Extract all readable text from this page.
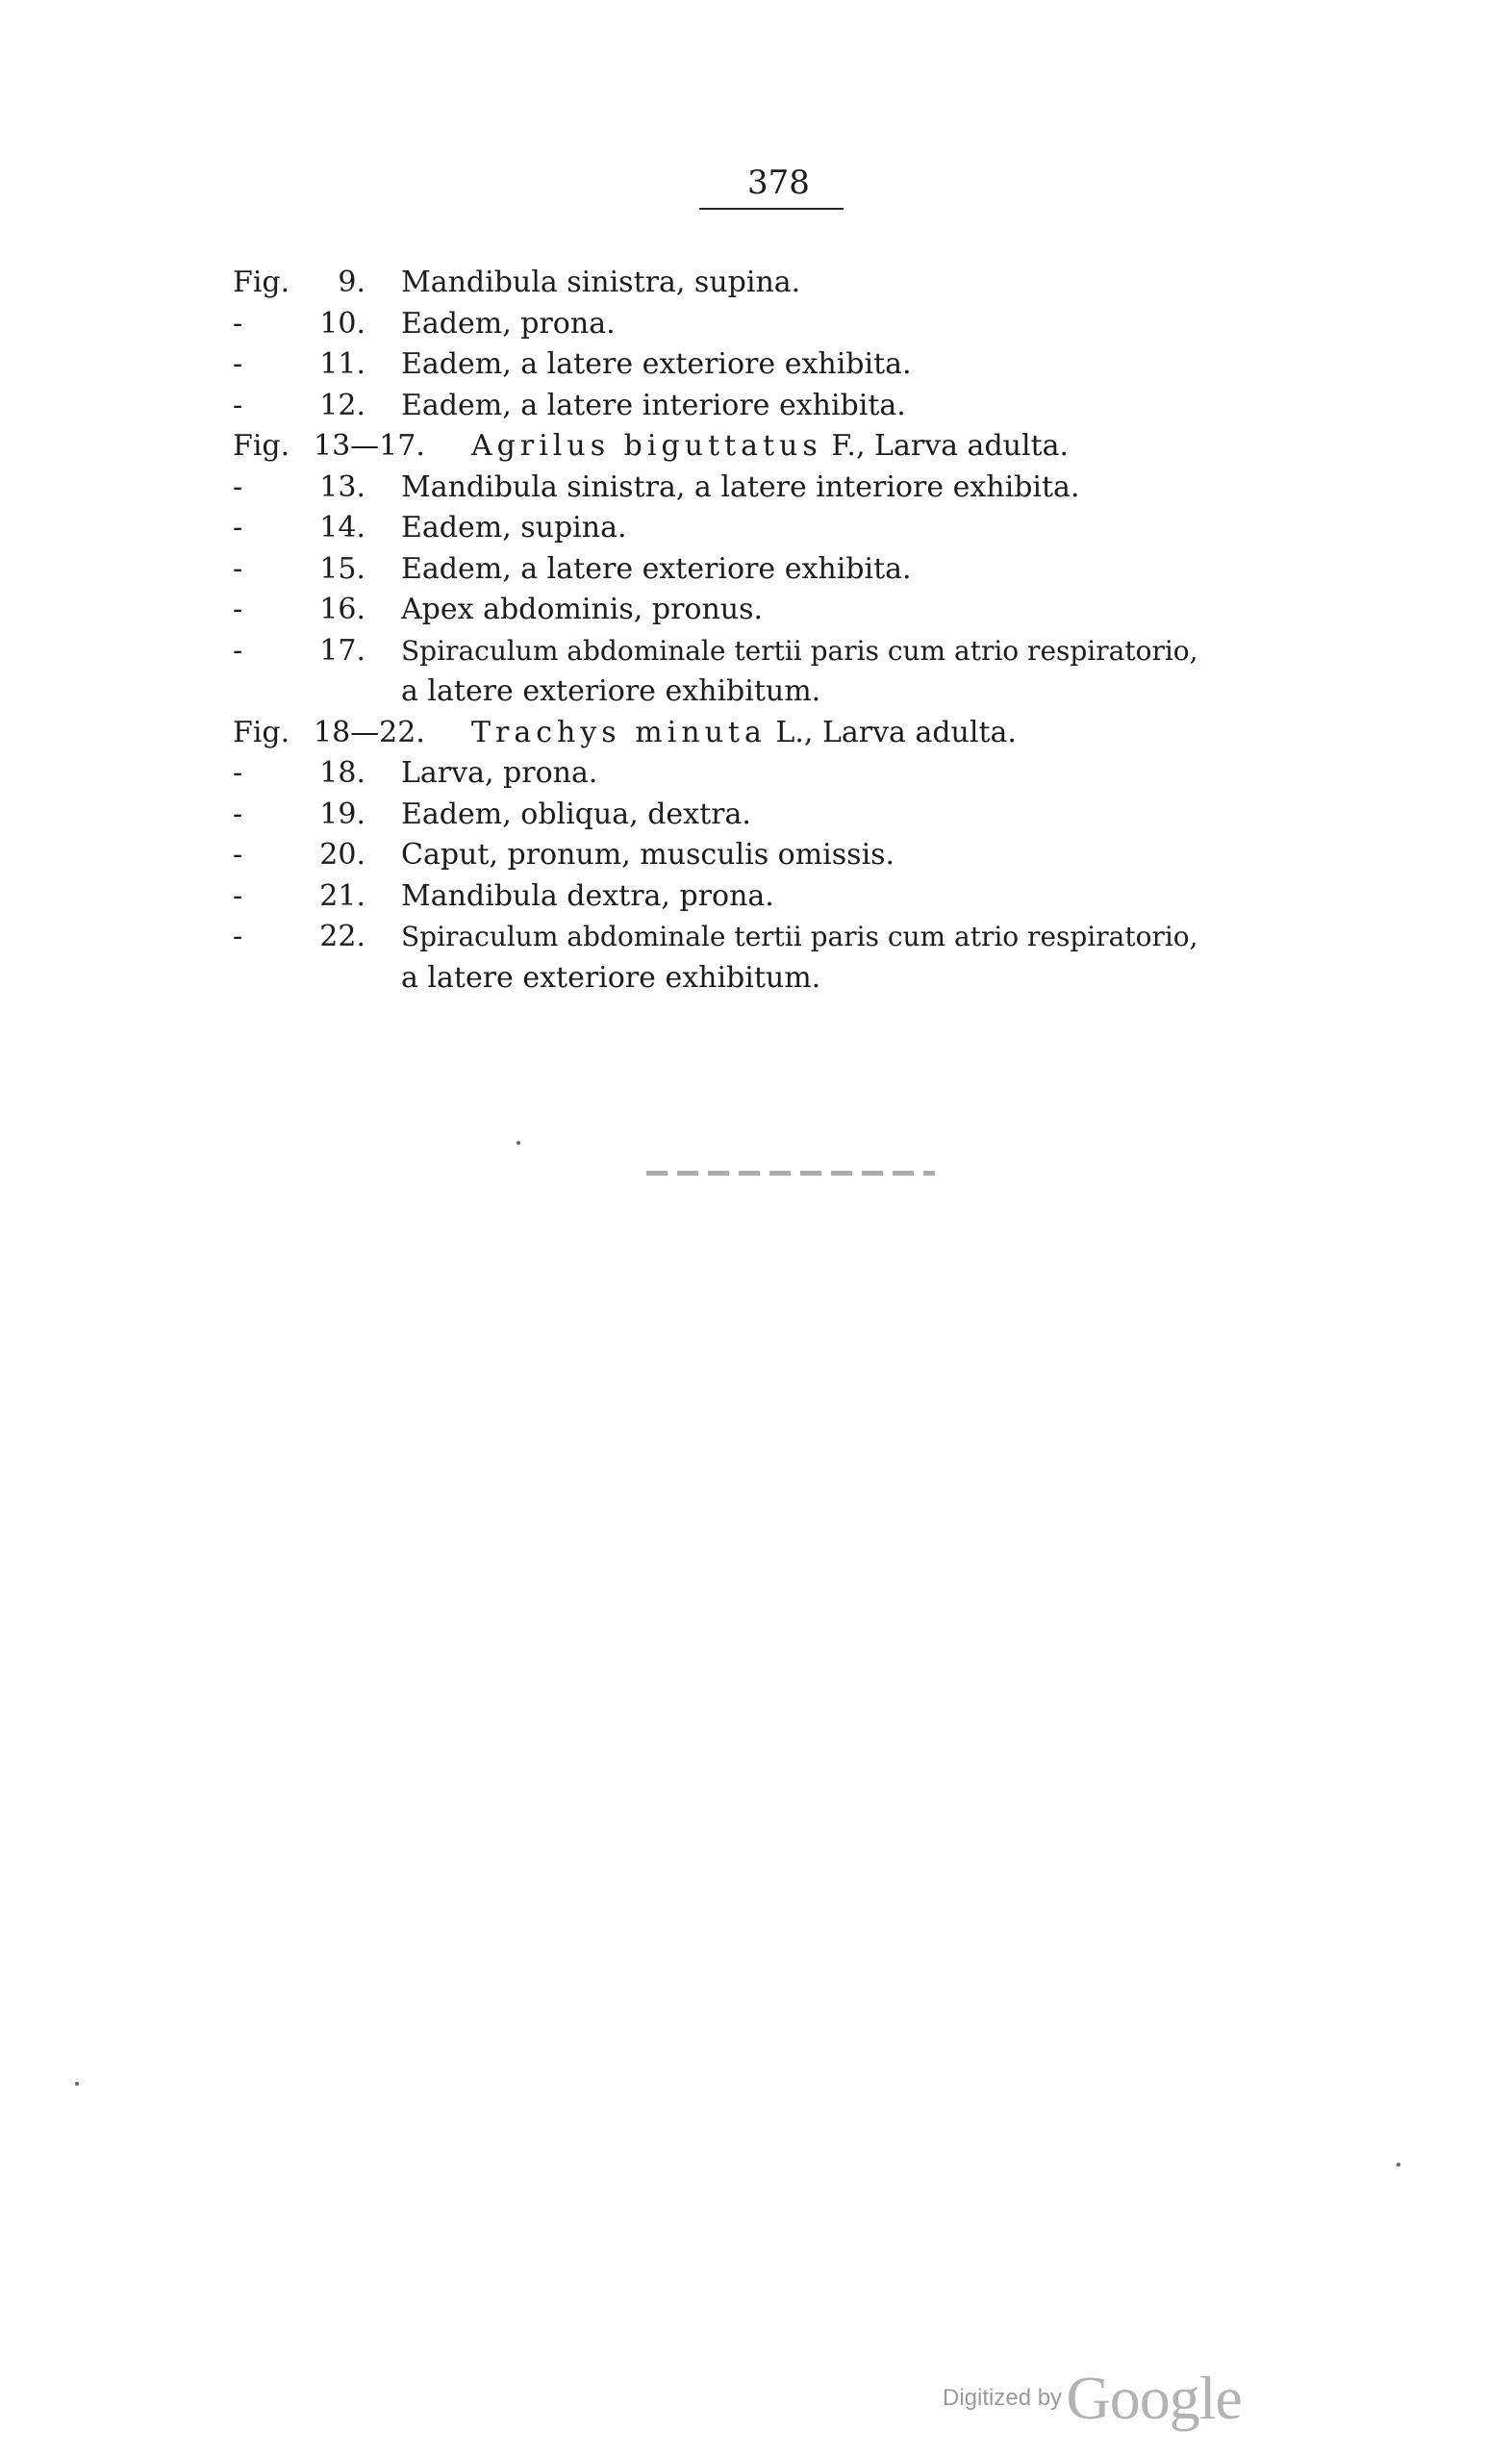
378
Fig. 9. Mandibula sinistra, supina.
-	10. Eadem, prona.
-	11. Eadem, a latere exteriore exhibita.
-	12. Eadem, a latere interiore exhibita.
Fig. 13—17. Agrilus biguttatus F., Larva adulta.
-	13. Mandibula sinistra, a latere interiore exhibita.
-	14. Eadem, supina.
-	15. Eadem, a latere exteriore exhibita.
-	16. Apex abdominis, pronus.
-	17. Spiraculum abdominale tertii paris cum atrio respiratorio,
a latere exteriore exhibitum.
Fig. 18—22. Trachys minuta L., Larva adulta.
-	18. Larva, prona.
-	19. Eadem, obliqua, dextra.
-	20. Caput, pronum, musculis omissis.
-	21. Mandibula dextra, prona.
-	22. Spiraculum abdominale tertii paris cum atrio respiratorio,
a latere exteriore exhibitum.
Digitized by Google
